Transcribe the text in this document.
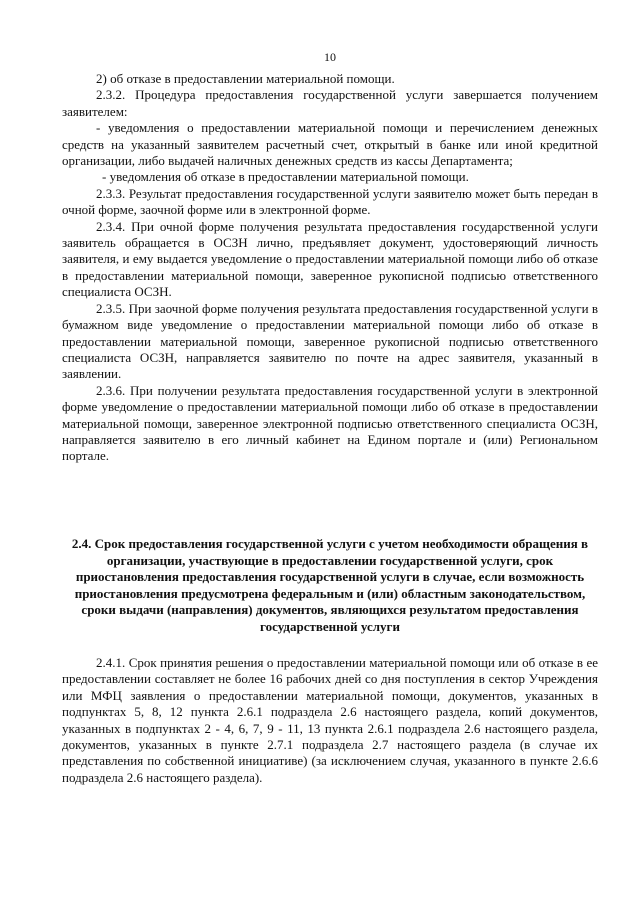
10

2) об отказе в предоставлении материальной помощи.

2.3.2. Процедура предоставления государственной услуги завершается получением заявителем:

- уведомления о предоставлении материальной помощи и перечислением денежных средств на указанный заявителем расчетный счет, открытый в банке или иной кредитной организации, либо выдачей наличных денежных средств из кассы Департамента;

- уведомления об отказе в предоставлении материальной помощи.

2.3.3. Результат предоставления государственной услуги заявителю может быть передан в очной форме, заочной форме или в электронной форме.

2.3.4. При очной форме получения результата предоставления государственной услуги заявитель обращается в ОСЗН лично, предъявляет документ, удостоверяющий личность заявителя, и ему выдается уведомление о предоставлении материальной помощи либо об отказе в предоставлении материальной помощи, заверенное рукописной подписью ответственного специалиста ОСЗН.

2.3.5. При заочной форме получения результата предоставления государственной услуги в бумажном виде уведомление о предоставлении материальной помощи либо об отказе в предоставлении материальной помощи, заверенное рукописной подписью ответственного специалиста ОСЗН, направляется заявителю по почте на адрес заявителя, указанный в заявлении.

2.3.6. При получении результата предоставления государственной услуги в электронной форме уведомление о предоставлении материальной помощи либо об отказе в предоставлении материальной помощи, заверенное электронной подписью ответственного специалиста ОСЗН, направляется заявителю в его личный кабинет на Едином портале и (или) Региональном портале.

2.4. Срок предоставления государственной услуги с учетом необходимости обращения в организации, участвующие в предоставлении государственной услуги, срок приостановления предоставления государственной услуги в случае, если возможность приостановления предусмотрена федеральным и (или) областным законодательством, сроки выдачи (направления) документов, являющихся результатом предоставления государственной услуги

2.4.1. Срок принятия решения о предоставлении материальной помощи или об отказе в ее предоставлении составляет не более 16 рабочих дней со дня поступления в сектор Учреждения или МФЦ заявления о предоставлении материальной помощи, документов, указанных в подпунктах 5, 8, 12 пункта 2.6.1 подраздела 2.6 настоящего раздела, копий документов, указанных в подпунктах 2 - 4, 6, 7, 9 - 11, 13 пункта 2.6.1 подраздела 2.6 настоящего раздела, документов, указанных в пункте 2.7.1 подраздела 2.7 настоящего раздела (в случае их представления по собственной инициативе) (за исключением случая, указанного в пункте 2.6.6 подраздела 2.6 настоящего раздела).
